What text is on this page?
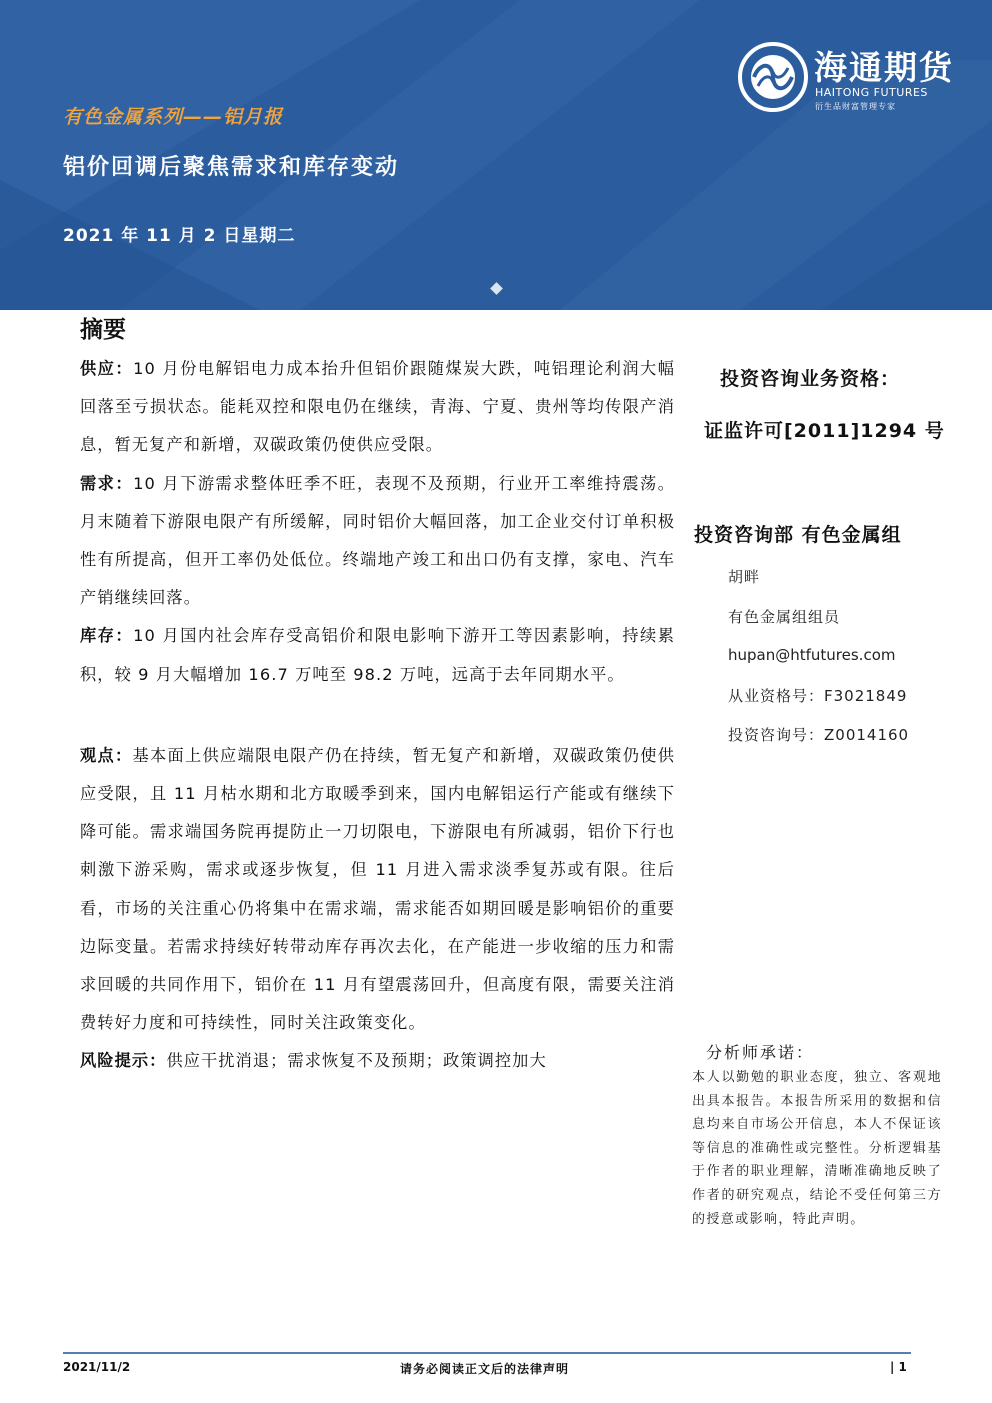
海通期货
HAITONG FUTURES
衍生品财富管理专家
有色金属系列——铝月报
铝价回调后聚焦需求和库存变动
2021 年 11 月 2 日星期二
摘要

供应：10 月份电解铝电力成本抬升但铝价跟随煤炭大跌，吨铝理论利润大幅回落至亏损状态。能耗双控和限电仍在继续，青海、宁夏、贵州等均传限产消息，暂无复产和新增，双碳政策仍使供应受限。

需求：10 月下游需求整体旺季不旺，表现不及预期，行业开工率维持震荡。月末随着下游限电限产有所缓解，同时铝价大幅回落，加工企业交付订单积极性有所提高，但开工率仍处低位。终端地产竣工和出口仍有支撑，家电、汽车产销继续回落。

库存：10 月国内社会库存受高铝价和限电影响下游开工等因素影响，持续累积，较 9 月大幅增加 16.7 万吨至 98.2 万吨，远高于去年同期水平。

观点：基本面上供应端限电限产仍在持续，暂无复产和新增，双碳政策仍使供应受限，且 11 月枯水期和北方取暖季到来，国内电解铝运行产能或有继续下降可能。需求端国务院再提防止一刀切限电，下游限电有所减弱，铝价下行也刺激下游采购，需求或逐步恢复，但 11 月进入需求淡季复苏或有限。往后看，市场的关注重心仍将集中在需求端，需求能否如期回暖是影响铝价的重要边际变量。若需求持续好转带动库存再次去化，在产能进一步收缩的压力和需求回暖的共同作用下，铝价在 11 月有望震荡回升，但高度有限，需要关注消费转好力度和可持续性，同时关注政策变化。

风险提示：供应干扰消退；需求恢复不及预期；政策调控加大

投资咨询业务资格：
证监许可[2011]1294 号
投资咨询部 有色金属组
胡畔
有色金属组组员
hupan@htfutures.com
从业资格号：F3021849
投资咨询号：Z0014160
分析师承诺：

本人以勤勉的职业态度，独立、客观地出具本报告。本报告所采用的数据和信息均来自市场公开信息，本人不保证该等信息的准确性或完整性。分析逻辑基于作者的职业理解，清晰准确地反映了作者的研究观点，结论不受任何第三方的授意或影响，特此声明。

2021/11/2	请务必阅读正文后的法律声明	| 1
